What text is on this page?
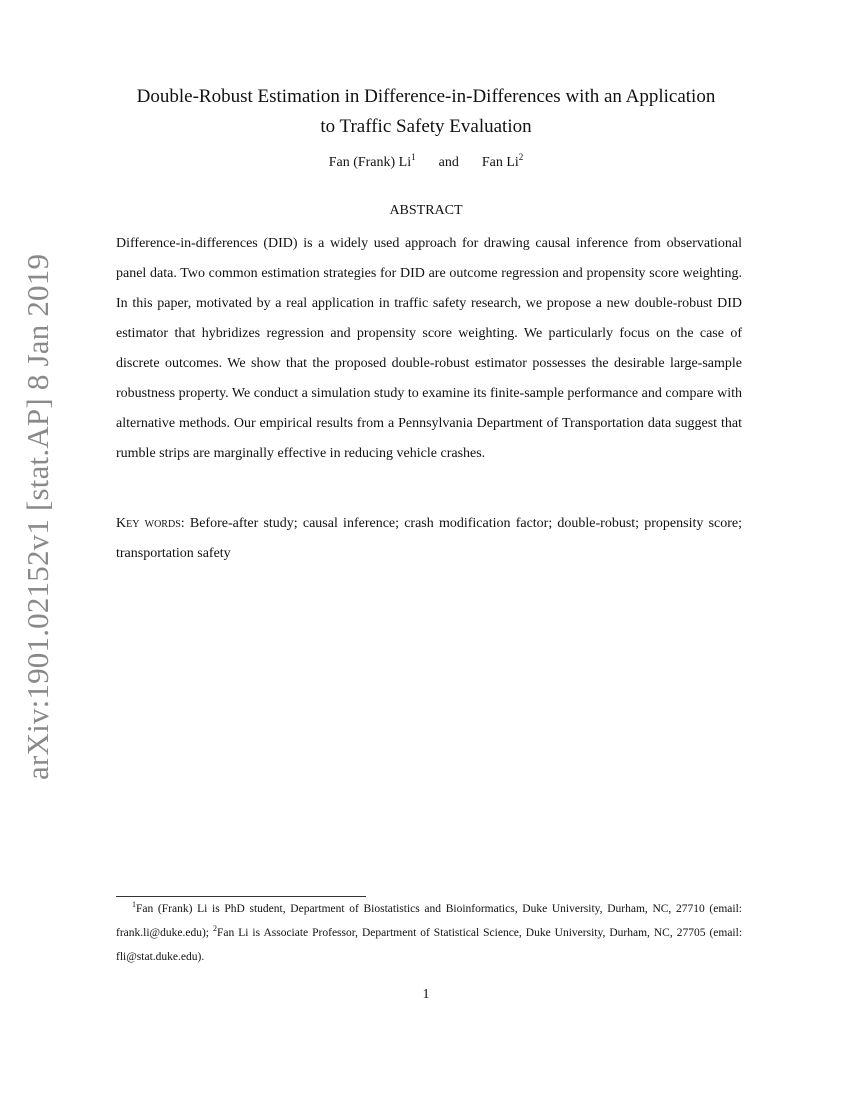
arXiv:1901.02152v1 [stat.AP] 8 Jan 2019
Double-Robust Estimation in Difference-in-Differences with an Application
to Traffic Safety Evaluation
Fan (Frank) Li$^1$ and Fan Li$^2$
ABSTRACT

Difference-in-differences (DID) is a widely used approach for drawing causal inference from observational panel data. Two common estimation strategies for DID are outcome regression and propensity score weighting. In this paper, motivated by a real application in traffic safety research, we propose a new double-robust DID estimator that hybridizes regression and propensity score weighting. We particularly focus on the case of discrete outcomes. We show that the proposed double-robust estimator possesses the desirable large-sample robustness property. We conduct a simulation study to examine its finite-sample performance and compare with alternative methods. Our empirical results from a Pennsylvania Department of Transportation data suggest that rumble strips are marginally effective in reducing vehicle crashes.

Key words: Before-after study; causal inference; crash modification factor; double-robust; propensity score; transportation safety

$^1$Fan (Frank) Li is PhD student, Department of Biostatistics and Bioinformatics, Duke University, Durham, NC, 27710 (email: frank.li@duke.edu); $^2$Fan Li is Associate Professor, Department of Statistical Science, Duke University, Durham, NC, 27705 (email: fli@stat.duke.edu).

1
